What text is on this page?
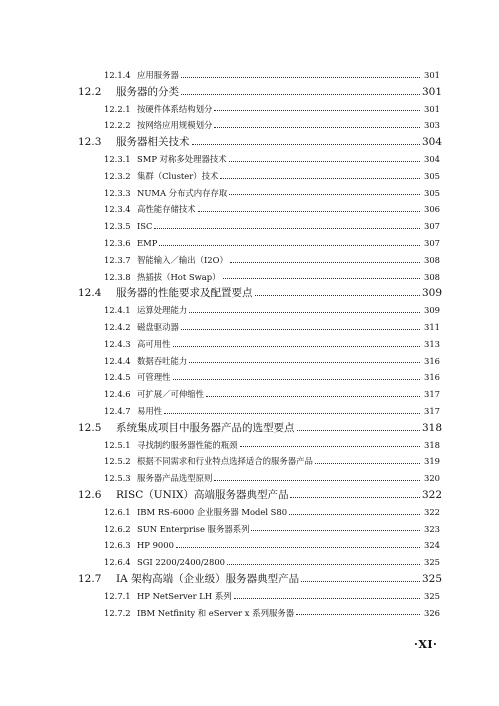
12.1.4 应用服务器	301
12.2	服务器的分类	301
12.2.1 按硬件体系结构划分	301
12.2.2 按网络应用规模划分	303
12.3	服务器相关技术	304
12.3.1 SMP 对称多处理器技术	304
12.3.2 集群（Cluster）技术	305
12.3.3 NUMA 分布式内存存取	305
12.3.4 高性能存储技术	306
12.3.5 ISC	307
12.3.6 EMP	307
12.3.7 智能输入／输出（I2O）	308
12.3.8 热插拔（Hot Swap）	308
12.4	服务器的性能要求及配置要点	309
12.4.1 运算处理能力	309
12.4.2 磁盘驱动器	311
12.4.3 高可用性	313
12.4.4 数据吞吐能力	316
12.4.5 可管理性	316
12.4.6 可扩展／可伸缩性	317
12.4.7 易用性	317
12.5	系统集成项目中服务器产品的选型要点	318
12.5.1 寻找制约服务器性能的瓶颈	318
12.5.2 根据不同需求和行业特点选择适合的服务器产品	319
12.5.3 服务器产品选型原则	320
12.6	RISC（UNIX）高端服务器典型产品	322
12.6.1 IBM RS-6000 企业服务器 Model S80	322
12.6.2 SUN Enterprise 服务器系列	323
12.6.3 HP 9000	324
12.6.4 SGI 2200/2400/2800	325
12.7	IA 架构高端（企业级）服务器典型产品	325
12.7.1 HP NetServer LH 系列	325
12.7.2 IBM Netfinity 和 eServer x 系列服务器	326
·XI·
